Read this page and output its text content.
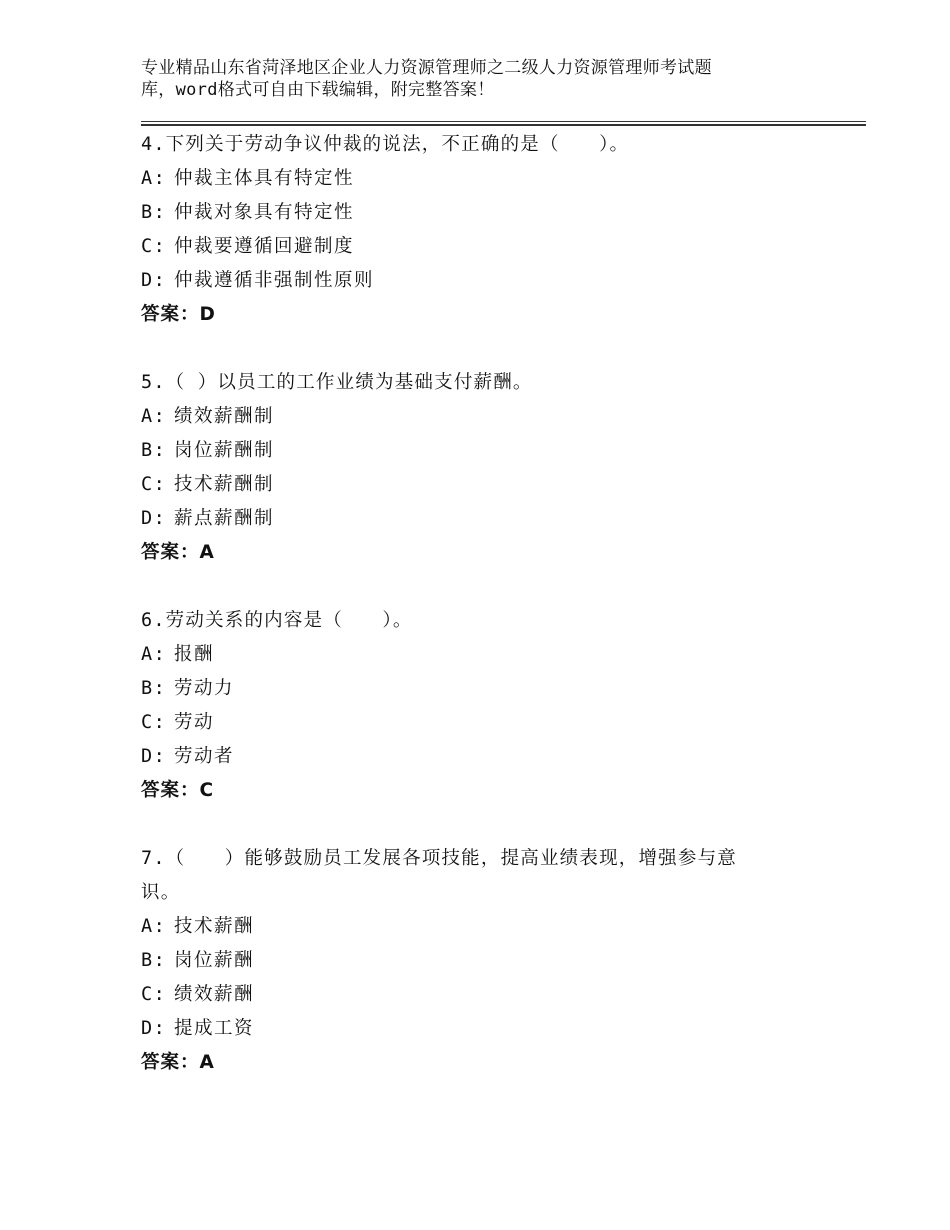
专业精品山东省菏泽地区企业人力资源管理师之二级人力资源管理师考试题
库，word格式可自由下载编辑，附完整答案！
4.下列关于劳动争议仲裁的说法，不正确的是（　　）。
A: 仲裁主体具有特定性
B: 仲裁对象具有特定性
C: 仲裁要遵循回避制度
D: 仲裁遵循非强制性原则
答案：D
5.（ ）以员工的工作业绩为基础支付薪酬。
A: 绩效薪酬制
B: 岗位薪酬制
C: 技术薪酬制
D: 薪点薪酬制
答案：A
6.劳动关系的内容是（　　）。
A: 报酬
B: 劳动力
C: 劳动
D: 劳动者
答案：C
7.（　　）能够鼓励员工发展各项技能，提高业绩表现，增强参与意
识。
A: 技术薪酬
B: 岗位薪酬
C: 绩效薪酬
D: 提成工资
答案：A
